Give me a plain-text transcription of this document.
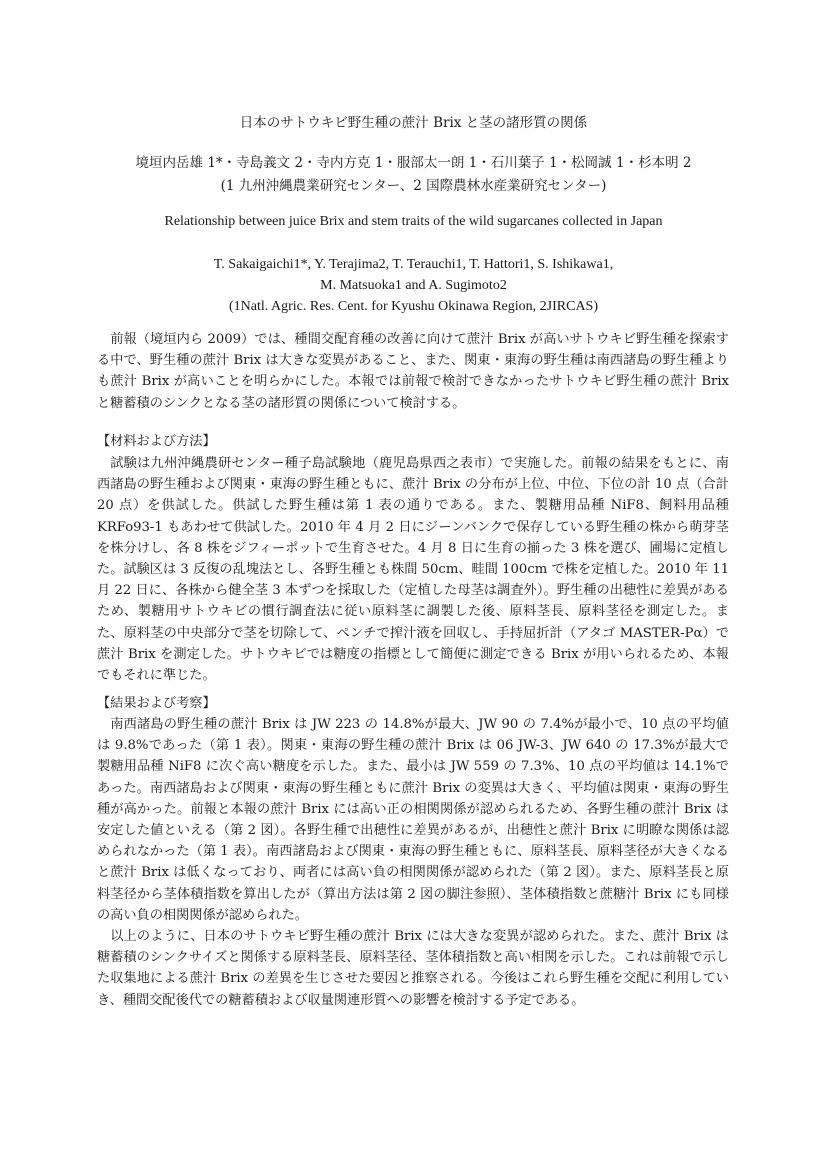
日本のサトウキビ野生種の蔗汁 Brix と茎の諸形質の関係
境垣内岳雄 1*・寺島義文 2・寺内方克 1・服部太一朗 1・石川葉子 1・松岡誠 1・杉本明 2
(1 九州沖縄農業研究センター、2 国際農林水産業研究センター)
Relationship between juice Brix and stem traits of the wild sugarcanes collected in Japan
T. Sakaigaichi1*, Y. Terajima2, T. Terauchi1, T. Hattori1, S. Ishikawa1,
M. Matsuoka1 and A. Sugimoto2
(1Natl. Agric. Res. Cent. for Kyushu Okinawa Region, 2JIRCAS)

前報（境垣内ら 2009）では、種間交配育種の改善に向けて蔗汁 Brix が高いサトウキビ野生種を探索する中で、野生種の蔗汁 Brix は大きな変異があること、また、関東・東海の野生種は南西諸島の野生種よりも蔗汁 Brix が高いことを明らかにした。本報では前報で検討できなかったサトウキビ野生種の蔗汁 Brix と糖蓄積のシンクとなる茎の諸形質の関係について検討する。

【材料および方法】

試験は九州沖縄農研センター種子島試験地（鹿児島県西之表市）で実施した。前報の結果をもとに、南西諸島の野生種および関東・東海の野生種ともに、蔗汁 Brix の分布が上位、中位、下位の計 10 点（合計 20 点）を供試した。供試した野生種は第 1 表の通りである。また、製糖用品種 NiF8、飼料用品種 KRFo93-1 もあわせて供試した。2010 年 4 月 2 日にジーンバンクで保存している野生種の株から萌芽茎を株分けし、各 8 株をジフィーポットで生育させた。4 月 8 日に生育の揃った 3 株を選び、圃場に定植した。試験区は 3 反復の乱塊法とし、各野生種とも株間 50cm、畦間 100cm で株を定植した。2010 年 11 月 22 日に、各株から健全茎 3 本ずつを採取した（定植した母茎は調査外）。野生種の出穂性に差異があるため、製糖用サトウキビの慣行調査法に従い原料茎に調製した後、原料茎長、原料茎径を測定した。また、原料茎の中央部分で茎を切除して、ペンチで搾汁液を回収し、手持屈折計（アタゴ MASTER-Pα）で蔗汁 Brix を測定した。サトウキビでは糖度の指標として簡便に測定できる Brix が用いられるため、本報でもそれに準じた。

【結果および考察】

南西諸島の野生種の蔗汁 Brix は JW 223 の 14.8%が最大、JW 90 の 7.4%が最小で、10 点の平均値は 9.8%であった（第 1 表）。関東・東海の野生種の蔗汁 Brix は 06 JW-3、JW 640 の 17.3%が最大で製糖用品種 NiF8 に次ぐ高い糖度を示した。また、最小は JW 559 の 7.3%、10 点の平均値は 14.1%であった。南西諸島および関東・東海の野生種ともに蔗汁 Brix の変異は大きく、平均値は関東・東海の野生種が高かった。前報と本報の蔗汁 Brix には高い正の相関関係が認められるため、各野生種の蔗汁 Brix は安定した値といえる（第 2 図）。各野生種で出穂性に差異があるが、出穂性と蔗汁 Brix に明瞭な関係は認められなかった（第 1 表）。南西諸島および関東・東海の野生種ともに、原料茎長、原料茎径が大きくなると蔗汁 Brix は低くなっており、両者には高い負の相関関係が認められた（第 2 図）。また、原料茎長と原料茎径から茎体積指数を算出したが（算出方法は第 2 図の脚注参照）、茎体積指数と蔗糖汁 Brix にも同様の高い負の相関関係が認められた。

以上のように、日本のサトウキビ野生種の蔗汁 Brix には大きな変異が認められた。また、蔗汁 Brix は糖蓄積のシンクサイズと関係する原料茎長、原料茎径、茎体積指数と高い相関を示した。これは前報で示した収集地による蔗汁 Brix の差異を生じさせた要因と推察される。今後はこれら野生種を交配に利用していき、種間交配後代での糖蓄積および収量関連形質への影響を検討する予定である。
